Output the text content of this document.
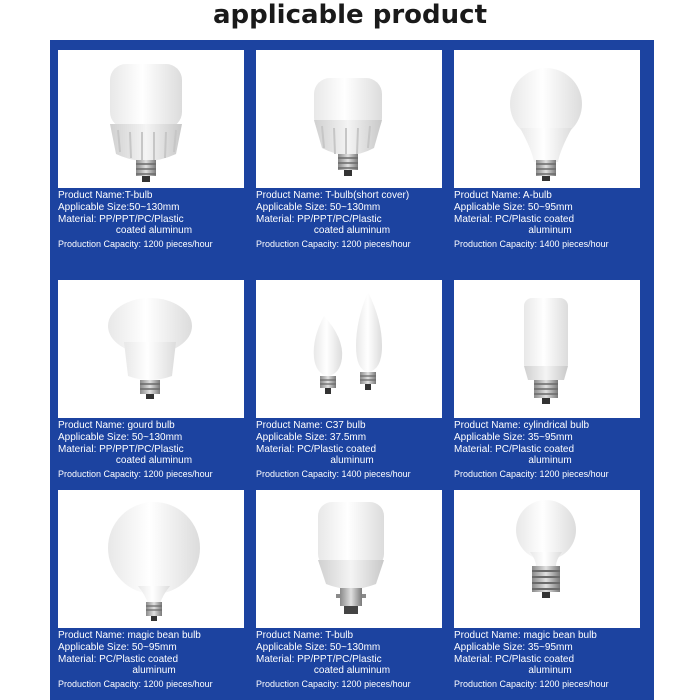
applicable product
Product Name:T-bulb
Applicable Size:50~130mm
Material: PP/PPT/PC/Plastic
coated aluminum
Production Capacity: 1200 pieces/hour
Product Name: T-bulb(short cover)
Applicable Size: 50~130mm
Material: PP/PPT/PC/Plastic
coated aluminum
Production Capacity: 1200 pieces/hour
Product Name: A-bulb
Applicable Size: 50~95mm
Material: PC/Plastic coated
aluminum
Production Capacity: 1400 pieces/hour
Product Name: gourd bulb
Applicable Size: 50~130mm
Material: PP/PPT/PC/Plastic
coated aluminum
Production Capacity: 1200 pieces/hour
Product Name: C37 bulb
Applicable Size: 37.5mm
Material: PC/Plastic coated
aluminum
Production Capacity: 1400 pieces/hour
Product Name: cylindrical bulb
Applicable Size: 35~95mm
Material: PC/Plastic coated
aluminum
Production Capacity: 1200 pieces/hour
Product Name: magic bean bulb
Applicable Size: 50~95mm
Material: PC/Plastic coated
aluminum
Production Capacity: 1200 pieces/hour
Product Name: T-bulb
Applicable Size: 50~130mm
Material: PP/PPT/PC/Plastic
coated aluminum
Production Capacity: 1200 pieces/hour
Product Name: magic bean bulb
Applicable Size: 35~95mm
Material: PC/Plastic coated
aluminum
Production Capacity: 1200 pieces/hour
